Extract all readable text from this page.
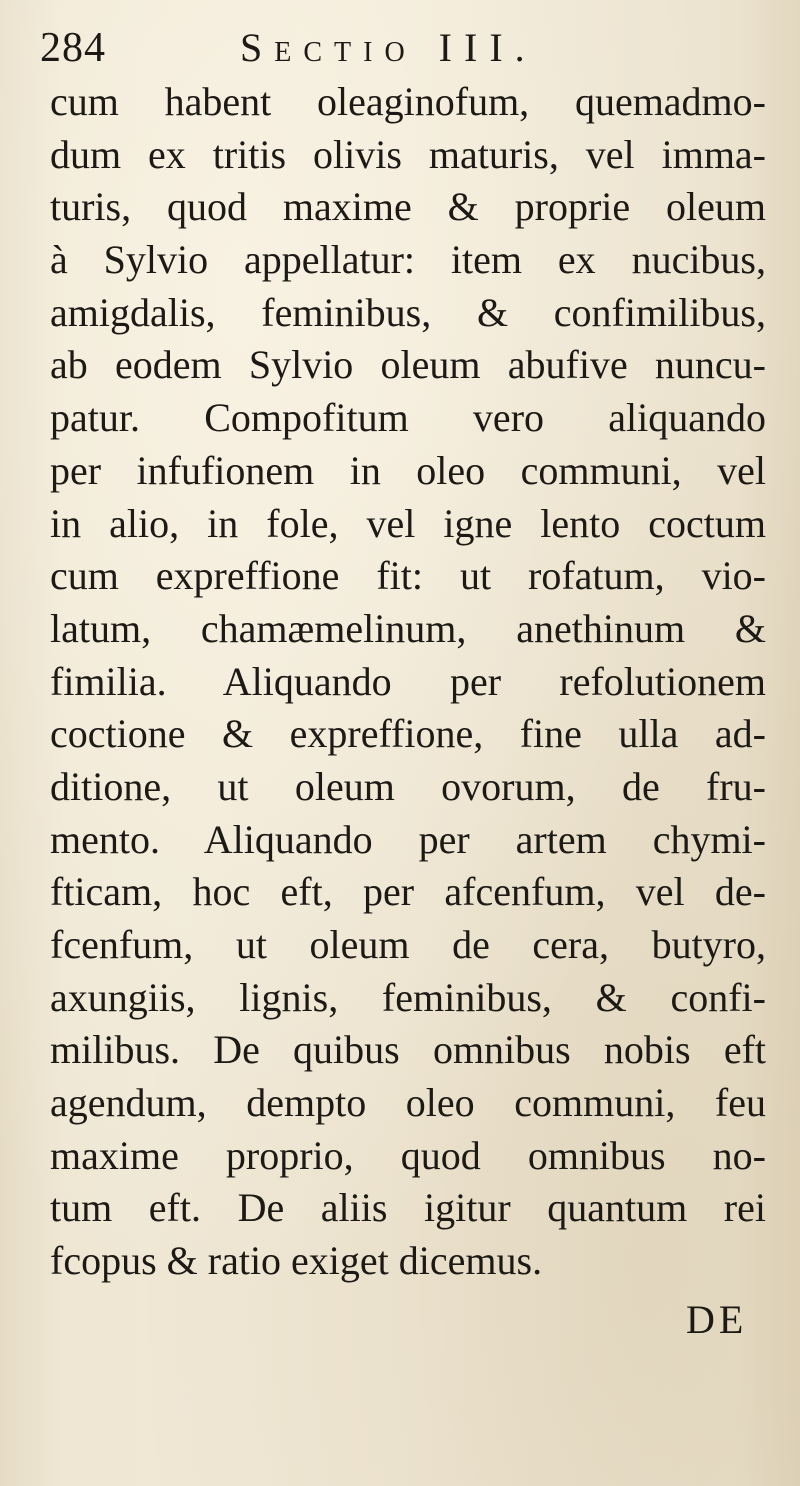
284	Sectio III.
cum habent oleaginofum, quemadmo-
dum ex tritis olivis maturis, vel imma-
turis, quod maxime & proprie oleum
à Sylvio appellatur: item ex nucibus,
amigdalis, feminibus, & confimilibus,
ab eodem Sylvio oleum abufive nuncu-
patur. Compofitum vero aliquando
per infufionem in oleo communi, vel
in alio, in fole, vel igne lento coctum
cum expreffione fit: ut rofatum, vio-
latum, chamæmelinum, anethinum &
fimilia. Aliquando per refolutionem
coctione & expreffione, fine ulla ad-
ditione, ut oleum ovorum, de fru-
mento. Aliquando per artem chymi-
fticam, hoc eft, per afcenfum, vel de-
fcenfum, ut oleum de cera, butyro,
axungiis, lignis, feminibus, & confi-
milibus. De quibus omnibus nobis eft
agendum, dempto oleo communi, feu
maxime proprio, quod omnibus no-
tum eft. De aliis igitur quantum rei
fcopus & ratio exiget dicemus.
DE
